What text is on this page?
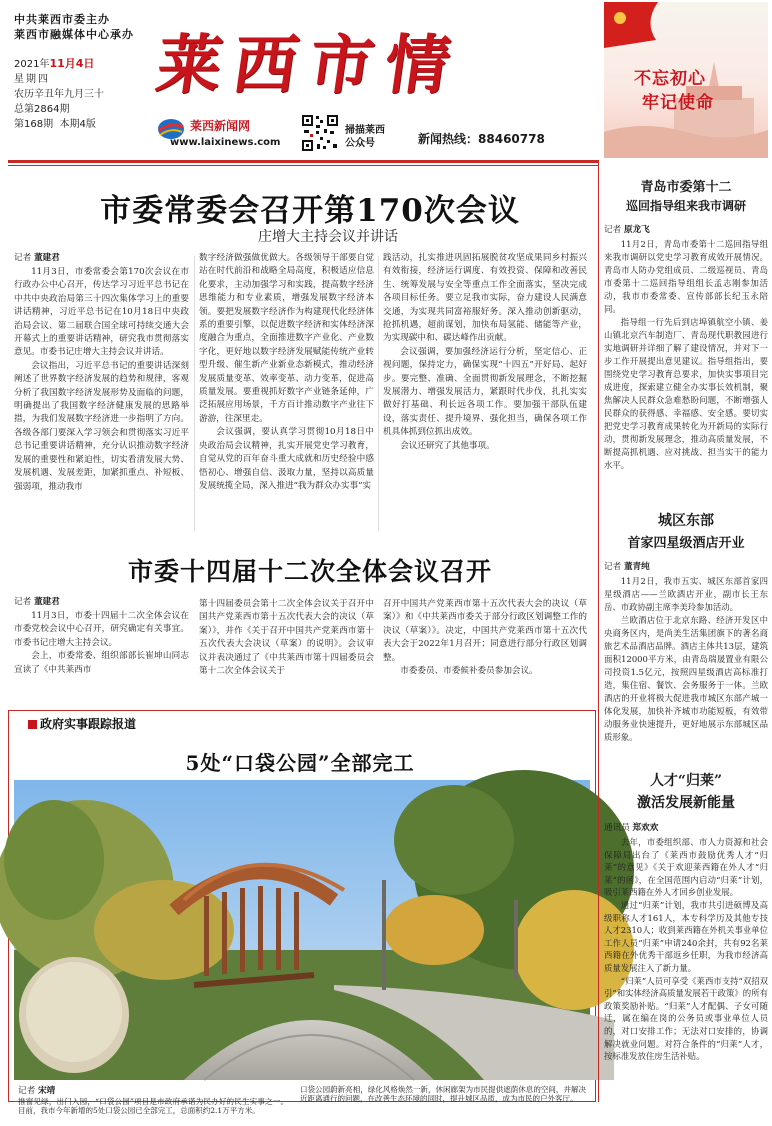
中共莱西市委主办
莱西市融媒体中心承办
2021年11月4日
星期四
农历辛丑年九月三十
总第2864期
第168期 本期4版
莱西市情
莱西新闻网
www.laixinews.com
掃描莱西
公众号	新闻热线：88460778
不忘初心
牢记使命
市委常委会召开第170次会议
庄增大主持会议并讲话
记者 董建君

11月3日，市委常委会第170次会议在市行政办公中心召开，传达学习习近平总书记在中共中央政治局第三十四次集体学习上的重要讲话精神，习近平总书记在10月18日中央政治局会议、第二届联合国全球可持续交通大会开幕式上的重要讲话精神，研究我市贯彻落实意见。市委书记庄增大主持会议并讲话。

会议指出，习近平总书记的重要讲话深刻阐述了世界数字经济发展的趋势和规律，客观分析了我国数字经济发展形势及面临的问题，明确提出了我国数字经济健康发展的思路举措，为我们发展数字经济进一步指明了方向。各级各部门要深入学习领会和贯彻落实习近平总书记重要讲话精神，充分认识推动数字经济发展的重要性和紧迫性，切实看清发展大势、发展机遇、发展差距，加紧抓重点、补短板、强弱项，推动我市

数字经济做强做优做大。各级领导干部要自觉站在时代前沿和战略全局高度，积极适应信息化要求，主动加强学习和实践，提高数字经济思维能力和专业素质，增强发展数字经济本领。要把发展数字经济作为构建现代化经济体系的重要引擎，以促进数字经济和实体经济深度融合为重点，全面推进数字产业化、产业数字化，更好地以数字经济发展赋能传统产业转型升级、催生新产业新业态新模式，推动经济发展质量变革、效率变革、动力变革，促进高质量发展。要重视抓好数字产业链条延伸，广泛拓展应用场景，千方百计推动数字产业往下游游，往深里走。

会议强调，要认真学习贯彻10月18日中央政治局会议精神，扎实开展党史学习教育，自觉从党的百年奋斗重大成就和历史经验中感悟初心、增强自信、汲取力量，坚持以高质量发展统揽全局，深入推进“我为群众办实事”实

践活动，扎实推进巩固拓展脱贫攻坚成果同乡村振兴有效衔接，经济运行调度、有效投资、保障和改善民生、统筹发展与安全等重点工作全面落实，坚决完成各项目标任务。要立足我市实际，奋力建设人民满意交通，为实现共同富裕服好务。深入推动创新驱动，抢抓机遇，超前谋划，加快布局氢能、储能等产业，为实现碳中和、碳达峰作出贡献。

会议强调，要加强经济运行分析，坚定信心、正视问题，保持定力，确保实现“十四五”开好局、起好步。要完整、准确、全面贯彻新发展理念，不断挖掘发展潜力、增强发展活力，紧跟时代步伐，扎扎实实做好打基础、利长远各项工作。要加强干部队伍建设，落实责任、提升境界、强化担当，确保各项工作机具体抓到位抓出成效。

会议还研究了其他事项。

市委十四届十二次全体会议召开
记者 董建君

11月3日，市委十四届十二次全体会议在市委党校会议中心召开，研究确定有关事宜。市委书记庄增大主持会议。

会上，市委常委、组织部部长崔坤山同志宣读了《中共莱西市

第十四届委员会第十二次全体会议关于召开中国共产党莱西市第十五次代表大会的决议（草案）》，并作《关于召开中国共产党莱西市第十五次代表大会决议（草案）的说明》。会议审议并表决通过了《中共莱西市第十四届委员会第十二次全体会议关于

召开中国共产党莱西市第十五次代表大会的决议（草案）》和《中共莱西市委关于部分行政区划调整工作的决议（草案）》。决定，中国共产党莱西市第十五次代表大会于2022年1月召开；同意进行部分行政区划调整。

市委委员、市委候补委员参加会议。

政府实事跟踪报道
5处“口袋公园”全部完工
记者 宋靖
推窗见绿，出门入园，“口袋公园”项目是市政府承诺为民办好的民生实事之一。目前，我市今年新增的5处口袋公园已全部完工，总面积约2.1万平方米。
口袋公园蔚新亮相，绿化风格焕然一新，休闲廊架为市民提供遮荫休息的空间，并解决近距离通行的问题，在改善生态环境的同时，提升城区品质，成为市民的户外客厅。
青岛市委第十二
巡回指导组来我市调研
记者 原龙飞

11月2日，青岛市委第十二巡回指导组来我市调研以党史学习教育成效开展情况。青岛市人防办党组成员、二级巡视员、青岛市委第十二巡回指导组组长孟志刚参加活动，我市市委常委、宣传部部长纪玉永陪同。

指导组一行先后到店埠镇航空小镇、姜山镇北京汽车制造厂、青岛现代职教园进行实地调研并详细了解了建设情况，并对下一步工作开展提出意见建议。指导组指出，要围绕党史学习教育总要求，加快实事项目完成进度，探索建立健全办实事长效机制，聚焦解决人民群众急难愁盼问题，不断增强人民群众的获得感、幸福感、安全感。要切实把党史学习教育成果转化为开新局的实际行动，贯彻新发展理念，推动高质量发展，不断提高抓机遇、应对挑战、担当实干的能力水平。

城区东部
首家四星级酒店开业
记者 董青纯

11月2日，我市五实、城区东部首家四星级酒店——兰欧酒店开业，副市长王东岳、市政协副主席李美玲参加活动。

兰欧酒店位于北京东路、经济开发区中央商务区内，是尚美生活集团旗下的著名商旅艺术品酒店品牌。酒店主体共13层，建筑面积12000平方米，由青岛瑞晟置业有限公司投资1.5亿元，按照四星级酒店高标准打造，集住宿、餐饮、会务服务于一体。兰欧酒店的开业将极大促进我市城区东部产城一体化发展，加快补齐城市功能短板，有效带动服务业快速提升，更好地展示东部城区品质形象。

人才“归莱”
激活发展新能量
通讯员 郑欢欢

去年，市委组织部、市人力资源和社会保障局出台了《莱西市鼓励优秀人才“归莱”的意见》《关于欢迎莱西籍在外人才“归莱”的函》，在全国范围内启动“归莱”计划，吸引莱西籍在外人才回乡创业发展。

通过“归莱”计划，我市共引进硕博及高级职称人才161人，本专科学历及其他专技人才2310人；收到莱西籍在外机关事业单位工作人员“归莱”申请240余封，共有92名莱西籍在外优秀干部返乡任职，为我市经济高质量发展注入了新力量。

“归莱”人员可享受《莱西市支持“双招双引”和实体经济高质量发展若干政策》的所有政策奖励补贴。“归莱”人才配偶、子女可随迁，属在编在岗的公务员或事业单位人员的，对口安排工作；无法对口安排的，协调解决就业问题。对符合条件的“归莱”人才，按标准发放住房生活补贴。
